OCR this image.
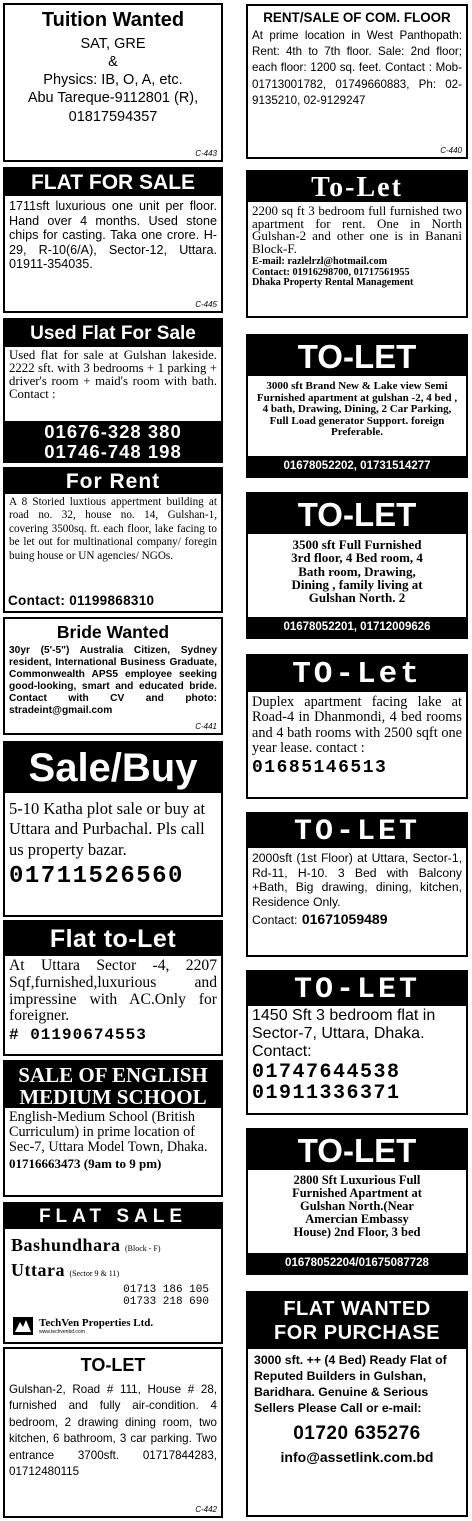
Tuition Wanted
SAT, GRE
&
Physics: IB, O, A, etc.
Abu Tareque-9112801 (R),
01817594357
C-443
FLAT FOR SALE
1711sft luxurious one unit per floor. Hand over 4 months. Used stone chips for casting. Taka one crore. H-29, R-10(6/A), Sector-12, Uttara. 01911-354035.
C-445
Used Flat For Sale
Used flat for sale at Gulshan lakeside. 2222 sft. with 3 bedrooms + 1 parking + driver's room + maid's room with bath. Contact :
01676-328 380
01746-748 198
For Rent
A 8 Storied luxtious appertment building at road no. 32, house no. 14, Gulshan-1, covering 3500sq. ft. each floor, lake facing to be let out for multinational company/ foregin buing house or UN agencies/ NGOs.
Contact: 01199868310
Bride Wanted
30yr (5'-5") Australia Citizen, Sydney resident, International Business Graduate, Commonwealth APS5 employee seeking good-looking, smart and educated bride. Contact with CV and photo: stradeint@gmail.com
C-441
Sale/Buy
5-10 Katha plot sale or buy at Uttara and Purbachal. Pls call us property bazar.
01711526560
Flat to-Let
At Uttara Sector -4, 2207 Sqf,furnished,luxurious and impressine with AC.Only for foreigner.
# 01190674553
SALE OF ENGLISH
MEDIUM SCHOOL
English-Medium School (British Curriculum) in prime location of Sec-7, Uttara Model Town, Dhaka.
01716663473 (9am to 9 pm)
FLAT SALE
Bashundhara (Block - F)
Uttara (Sector 9 & 11)
01713 186 105
01733 218 690
TechVen Properties Ltd.
www.techvenbd.com
TO-LET
Gulshan-2, Road # 111, House # 28, furnished and fully air-condition. 4 bedroom, 2 drawing dining room, two kitchen, 6 bathroom, 3 car parking. Two entrance 3700sft. 01717844283, 01712480115
C-442
RENT/SALE OF COM. FLOOR
At prime location in West Panthopath: Rent: 4th to 7th floor. Sale: 2nd floor; each floor: 1200 sq. feet. Contact : Mob- 01713001782, 01749660883, Ph: 02-9135210, 02-9129247
C-440
To-Let
2200 sq ft 3 bedroom full furnished two apartment for rent. One in North Gulshan-2 and other one is in Banani Block-F.
E-mail: razlelrzl@hotmail.com
Contact: 01916298700, 01717561955
Dhaka Property Rental Management
TO-LET
3000 sft Brand New & Lake view Semi Furnished apartment at gulshan -2, 4 bed , 4 bath, Drawing, Dining, 2 Car Parking, Full Load generator Support. foreign Preferable.
01678052202, 01731514277
TO-LET
3500 sft Full Furnished
3rd floor, 4 Bed room, 4
Bath room, Drawing,
Dining , family living at
Gulshan North. 2
01678052201, 01712009626
TO-Let
Duplex apartment facing lake at Road-4 in Dhanmondi, 4 bed rooms and 4 bath rooms with 2500 sqft one year lease. contact :
01685146513
TO-LET
2000sft (1st Floor) at Uttara, Sector-1, Rd-11, H-10. 3 Bed with Balcony +Bath, Big drawing, dining, kitchen, Residence Only.
Contact: 01671059489
TO-LET
1450 Sft 3 bedroom flat in Sector-7, Uttara, Dhaka. Contact:
01747644538
01911336371
TO-LET
2800 Sft Luxurious Full
Furnished Apartment at
Gulshan North.(Near
Amercian Embassy
House) 2nd Floor, 3 bed
01678052204/01675087728
FLAT WANTED
FOR PURCHASE
3000 sft. ++ (4 Bed) Ready Flat of Reputed Builders in Gulshan, Baridhara. Genuine & Serious Sellers Please Call or e-mail:
01720 635276
info@assetlink.com.bd
